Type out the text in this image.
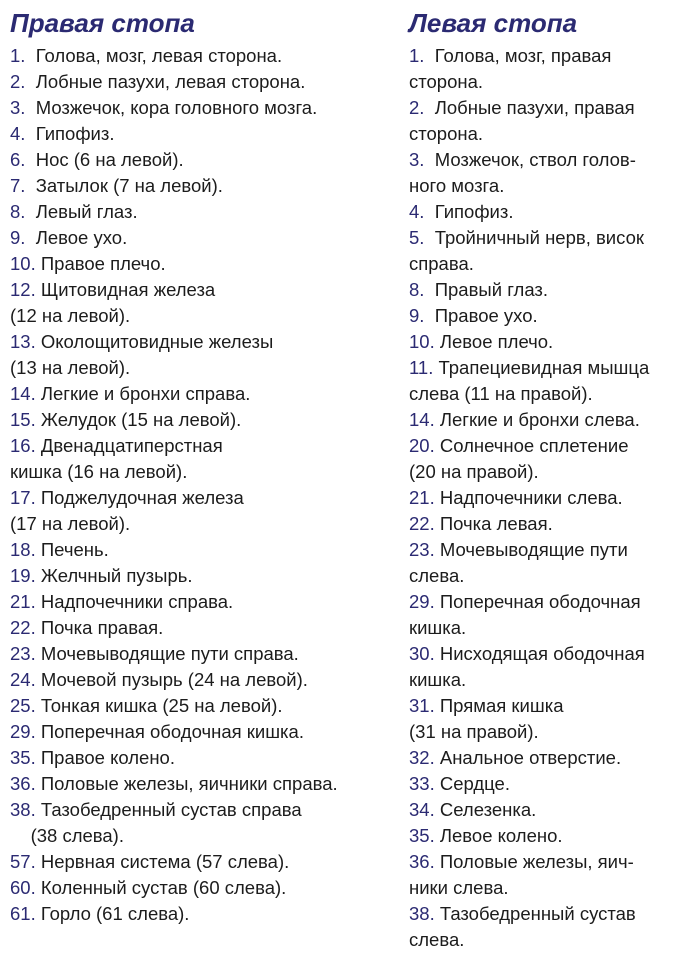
Правая стопа
1. Голова, мозг, левая сторона.
2. Лобные пазухи, левая сторона.
3. Мозжечок, кора головного мозга.
4. Гипофиз.
6. Нос (6 на левой).
7. Затылок (7 на левой).
8. Левый глаз.
9. Левое ухо.
10. Правое плечо.
12. Щитовидная железа
(12 на левой).
13. Околощитовидные железы
(13 на левой).
14. Легкие и бронхи справа.
15. Желудок (15 на левой).
16. Двенадцатиперстная
кишка (16 на левой).
17. Поджелудочная железа
(17 на левой).
18. Печень.
19. Желчный пузырь.
21. Надпочечники справа.
22. Почка правая.
23. Мочевыводящие пути справа.
24. Мочевой пузырь (24 на левой).
25. Тонкая кишка (25 на левой).
29. Поперечная ободочная кишка.
35. Правое колено.
36. Половые железы, яичники справа.
38. Тазобедренный сустав справа
(38 слева).
57. Нервная система (57 слева).
60. Коленный сустав (60 слева).
61. Горло (61 слева).
Левая стопа
1. Голова, мозг, правая
сторона.
2. Лобные пазухи, правая
сторона.
3. Мозжечок, ствол голов-
ного мозга.
4. Гипофиз.
5. Тройничный нерв, висок
справа.
8. Правый глаз.
9. Правое ухо.
10. Левое плечо.
11. Трапециевидная мышца
слева (11 на правой).
14. Легкие и бронхи слева.
20. Солнечное сплетение
(20 на правой).
21. Надпочечники слева.
22. Почка левая.
23. Мочевыводящие пути
слева.
29. Поперечная ободочная
кишка.
30. Нисходящая ободочная
кишка.
31. Прямая кишка
(31 на правой).
32. Анальное отверстие.
33. Сердце.
34. Селезенка.
35. Левое колено.
36. Половые железы, яич-
ники слева.
38. Тазобедренный сустав
слева.
